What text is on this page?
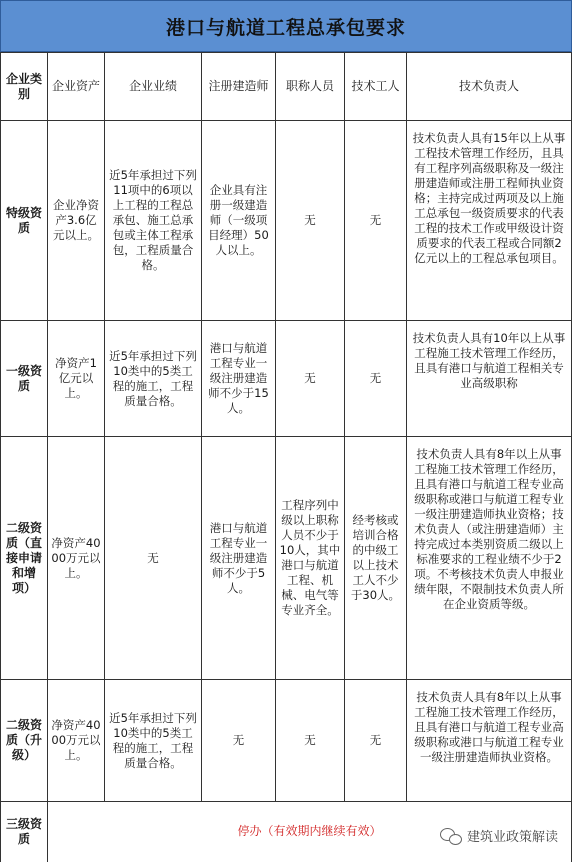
港口与航道工程总承包要求
企业类别	企业资产	企业业绩	注册建造师	职称人员	技术工人	技术负责人
特级资质	企业净资产3.6亿元以上。	近5年承担过下列11项中的6项以上工程的工程总承包、施工总承包或主体工程承包，工程质量合格。	企业具有注册一级建造师（一级项目经理）50人以上。	无	无	技术负责人具有15年以上从事工程技术管理工作经历，且具有工程序列高级职称及一级注册建造师或注册工程师执业资格；主持完成过两项及以上施工总承包一级资质要求的代表工程的技术工作或甲级设计资质要求的代表工程或合同额2亿元以上的工程总承包项目。
一级资质	净资产1亿元以上。	近5年承担过下列10类中的5类工程的施工，工程质量合格。	港口与航道工程专业一级注册建造师不少于15人。	无	无	技术负责人具有10年以上从事工程施工技术管理工作经历，且具有港口与航道工程相关专业高级职称
二级资质（直接申请和增项）	净资产4000万元以上。	无	港口与航道工程专业一级注册建造师不少于5人。	工程序列中级以上职称人员不少于10人，其中港口与航道工程、机械、电气等专业齐全。	经考核或培训合格的中级工以上技术工人不少于30人。	技术负责人具有8年以上从事工程施工技术管理工作经历，且具有港口与航道工程专业高级职称或港口与航道工程专业一级注册建造师执业资格；技术负责人（或注册建造师）主持完成过本类别资质二级以上标准要求的工程业绩不少于2项。不考核技术负责人申报业绩年限，不限制技术负责人所在企业资质等级。
二级资质（升级）	净资产4000万元以上。	近5年承担过下列10类中的5类工程的施工，工程质量合格。	无	无	无	技术负责人具有8年以上从事工程施工技术管理工作经历，且具有港口与航道工程专业高级职称或港口与航道工程专业一级注册建造师执业资格。
三级资质	停办（有效期内继续有效）						建筑业政策解读
